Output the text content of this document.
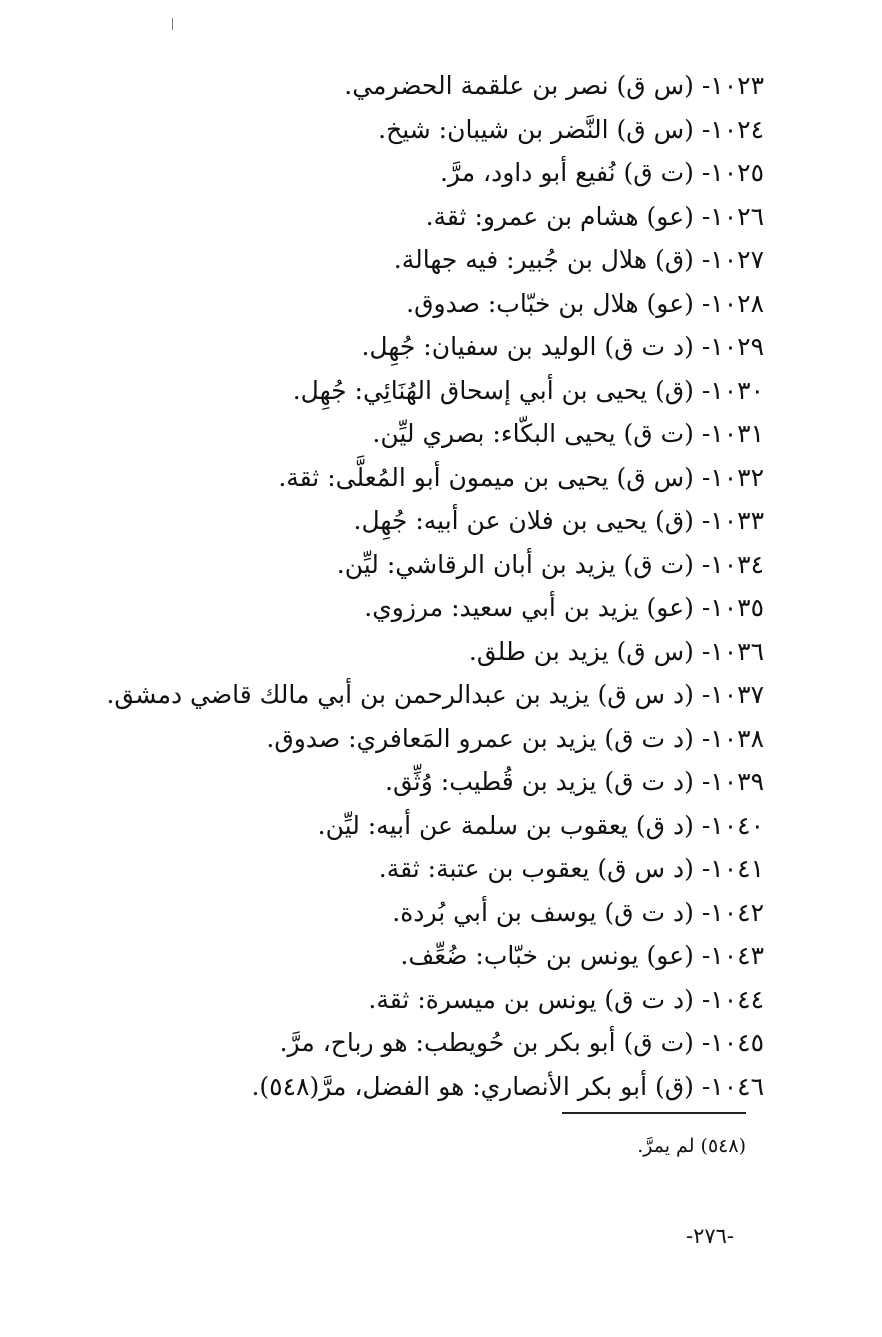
١٠٢٣- (س ق) نصر بن علقمة الحضرمي.
١٠٢٤- (س ق) النَّضر بن شيبان: شيخ.
١٠٢٥- (ت ق) نُفيع أبو داود، مرَّ.
١٠٢٦- (عو) هشام بن عمرو: ثقة.
١٠٢٧- (ق) هلال بن جُبير: فيه جهالة.
١٠٢٨- (عو) هلال بن خبّاب: صدوق.
١٠٢٩- (د ت ق) الوليد بن سفيان: جُهِل.
١٠٣٠- (ق) يحيى بن أبي إسحاق الهُنَائِي: جُهِل.
١٠٣١- (ت ق) يحيى البكّاء: بصري ليِّن.
١٠٣٢- (س ق) يحيى بن ميمون أبو المُعلَّى: ثقة.
١٠٣٣- (ق) يحيى بن فلان عن أبيه: جُهِل.
١٠٣٤- (ت ق) يزيد بن أبان الرقاشي: ليِّن.
١٠٣٥- (عو) يزيد بن أبي سعيد: مرزوي.
١٠٣٦- (س ق) يزيد بن طلق.
١٠٣٧- (د س ق) يزيد بن عبدالرحمن بن أبي مالك قاضي دمشق.
١٠٣٨- (د ت ق) يزيد بن عمرو المَعافري: صدوق.
١٠٣٩- (د ت ق) يزيد بن قُطيب: وُثِّق.
١٠٤٠- (د ق) يعقوب بن سلمة عن أبيه: ليِّن.
١٠٤١- (د س ق) يعقوب بن عتبة: ثقة.
١٠٤٢- (د ت ق) يوسف بن أبي بُردة.
١٠٤٣- (عو) يونس بن خبّاب: ضُعِّف.
١٠٤٤- (د ت ق) يونس بن ميسرة: ثقة.
١٠٤٥- (ت ق) أبو بكر بن حُويطب: هو رباح، مرَّ.
١٠٤٦- (ق) أبو بكر الأنصاري: هو الفضل، مرَّ(٥٤٨).
(٥٤٨) لم يمرَّ.
-٢٧٦-
